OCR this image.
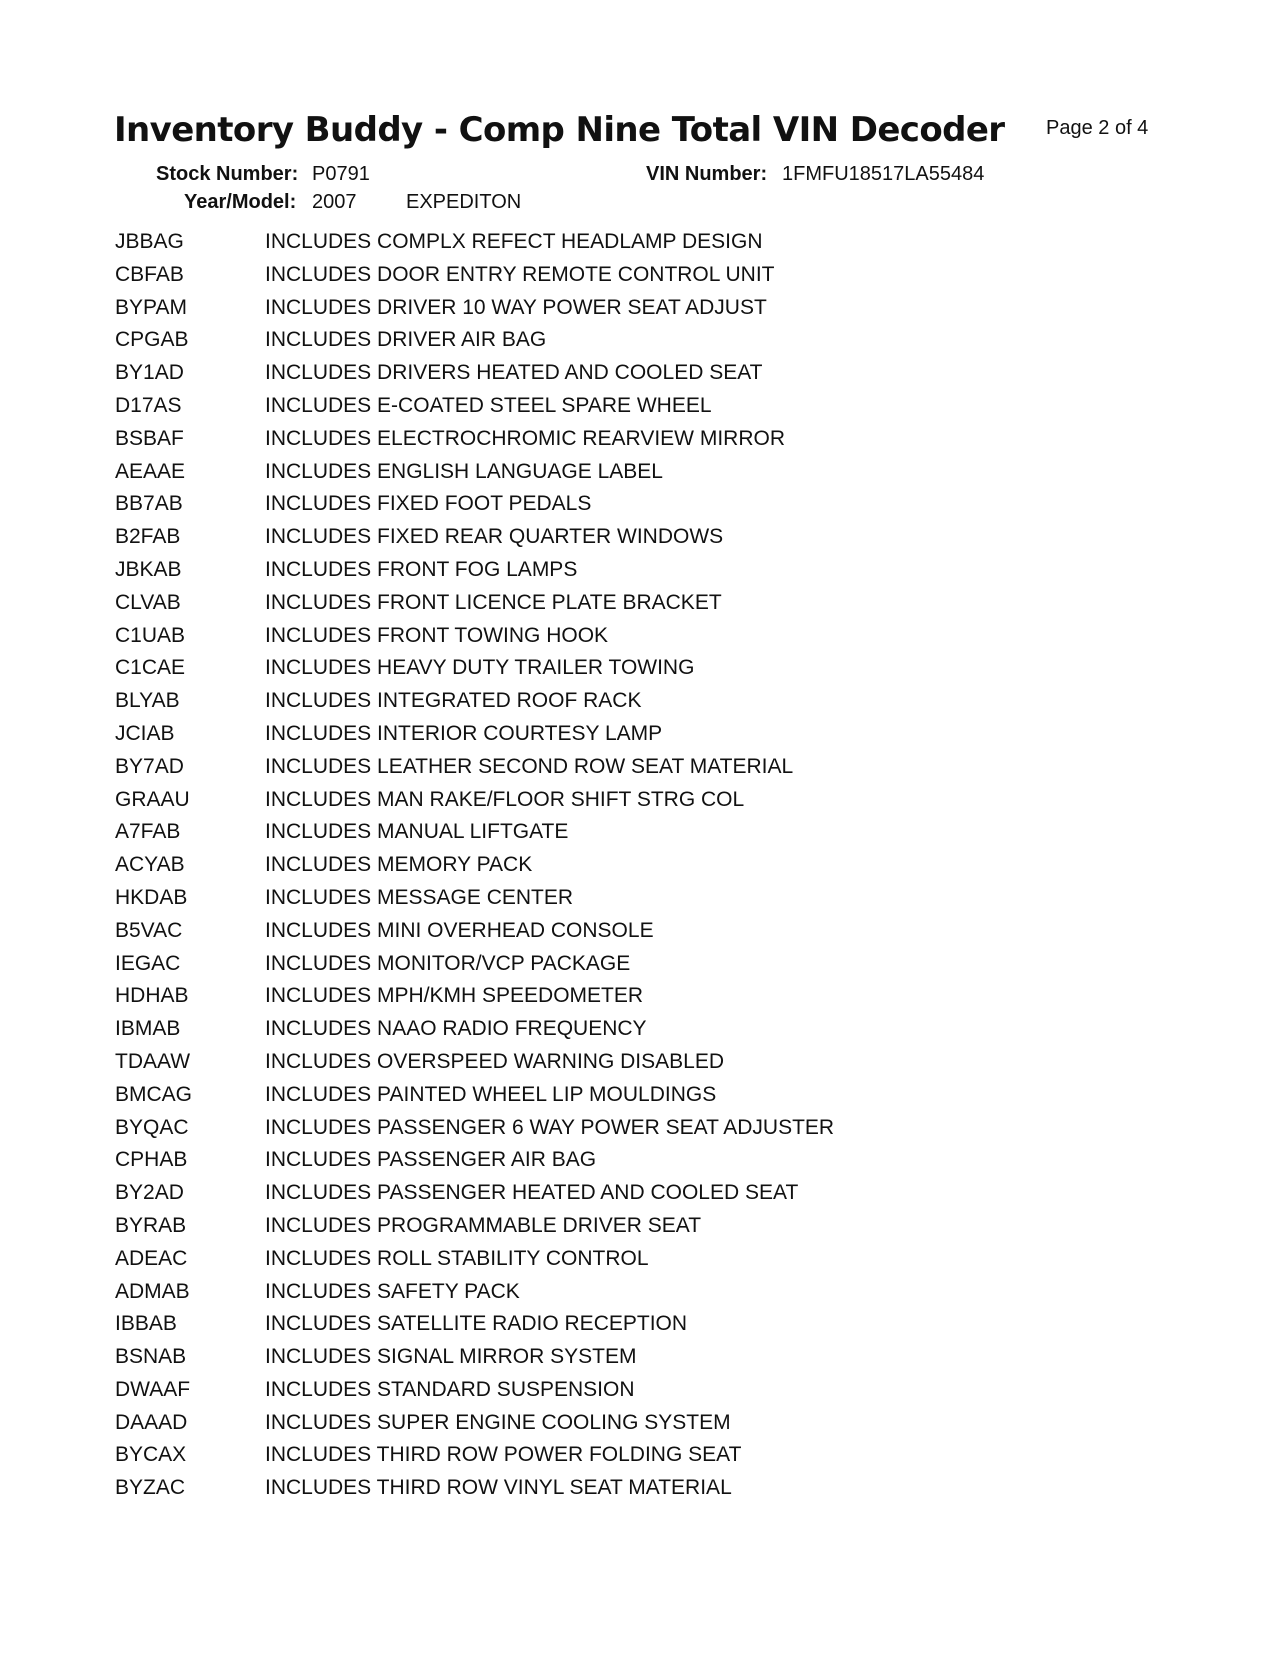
Inventory Buddy - Comp Nine Total VIN Decoder Page 2 of 4
Stock Number: P0791	VIN Number: 1FMFU18517LA55484
Year/Model: 2007 EXPEDITON
JBBAG	INCLUDES COMPLX REFECT HEADLAMP DESIGN
CBFAB	INCLUDES DOOR ENTRY REMOTE CONTROL UNIT
BYPAM	INCLUDES DRIVER 10 WAY POWER SEAT ADJUST
CPGAB	INCLUDES DRIVER AIR BAG
BY1AD	INCLUDES DRIVERS HEATED AND COOLED SEAT
D17AS	INCLUDES E-COATED STEEL SPARE WHEEL
BSBAF	INCLUDES ELECTROCHROMIC REARVIEW MIRROR
AEAAE	INCLUDES ENGLISH LANGUAGE LABEL
BB7AB	INCLUDES FIXED FOOT PEDALS
B2FAB	INCLUDES FIXED REAR QUARTER WINDOWS
JBKAB	INCLUDES FRONT FOG LAMPS
CLVAB	INCLUDES FRONT LICENCE PLATE BRACKET
C1UAB	INCLUDES FRONT TOWING HOOK
C1CAE	INCLUDES HEAVY DUTY TRAILER TOWING
BLYAB	INCLUDES INTEGRATED ROOF RACK
JCIAB	INCLUDES INTERIOR COURTESY LAMP
BY7AD	INCLUDES LEATHER SECOND ROW SEAT MATERIAL
GRAAU	INCLUDES MAN RAKE/FLOOR SHIFT STRG COL
A7FAB	INCLUDES MANUAL LIFTGATE
ACYAB	INCLUDES MEMORY PACK
HKDAB	INCLUDES MESSAGE CENTER
B5VAC	INCLUDES MINI OVERHEAD CONSOLE
IEGAC	INCLUDES MONITOR/VCP PACKAGE
HDHAB	INCLUDES MPH/KMH SPEEDOMETER
IBMAB	INCLUDES NAAO RADIO FREQUENCY
TDAAW	INCLUDES OVERSPEED WARNING DISABLED
BMCAG	INCLUDES PAINTED WHEEL LIP MOULDINGS
BYQAC	INCLUDES PASSENGER 6 WAY POWER SEAT ADJUSTER
CPHAB	INCLUDES PASSENGER AIR BAG
BY2AD	INCLUDES PASSENGER HEATED AND COOLED SEAT
BYRAB	INCLUDES PROGRAMMABLE DRIVER SEAT
ADEAC	INCLUDES ROLL STABILITY CONTROL
ADMAB	INCLUDES SAFETY PACK
IBBAB	INCLUDES SATELLITE RADIO RECEPTION
BSNAB	INCLUDES SIGNAL MIRROR SYSTEM
DWAAF	INCLUDES STANDARD SUSPENSION
DAAAD	INCLUDES SUPER ENGINE COOLING SYSTEM
BYCAX	INCLUDES THIRD ROW POWER FOLDING SEAT
BYZAC	INCLUDES THIRD ROW VINYL SEAT MATERIAL
